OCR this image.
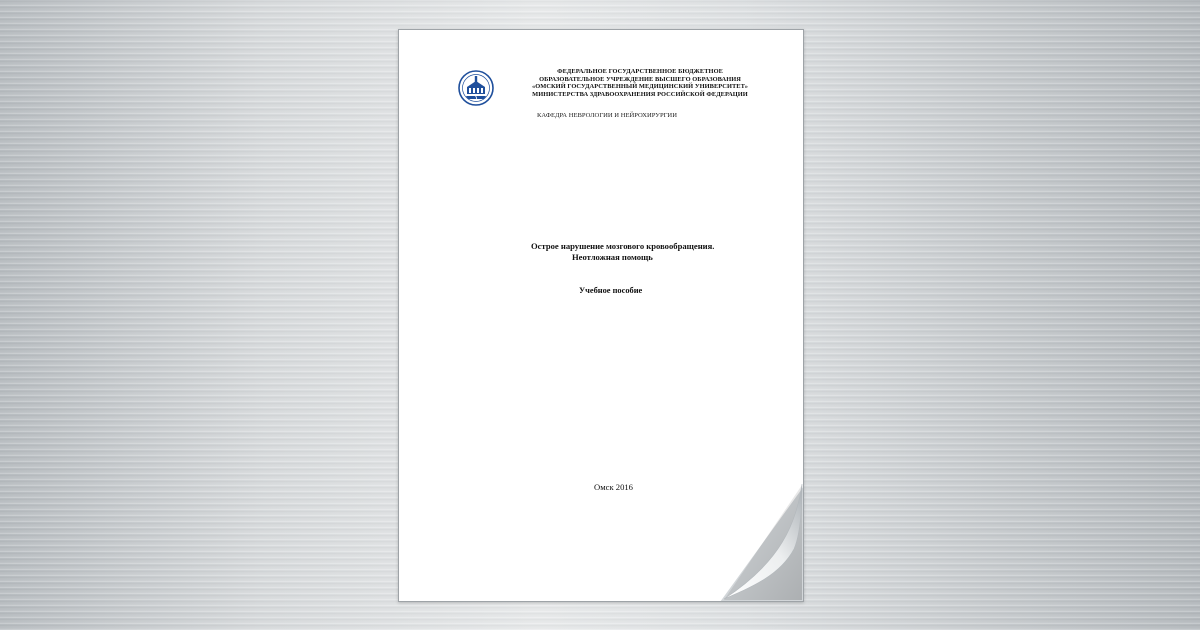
ФЕДЕРАЛЬНОЕ ГОСУДАРСТВЕННОЕ БЮДЖЕТНОЕ
ОБРАЗОВАТЕЛЬНОЕ УЧРЕЖДЕНИЕ ВЫСШЕГО ОБРАЗОВАНИЯ
«ОМСКИЙ ГОСУДАРСТВЕННЫЙ МЕДИЦИНСКИЙ УНИВЕРСИТЕТ»
МИНИСТЕРСТВА ЗДРАВООХРАНЕНИЯ РОССИЙСКОЙ ФЕДЕРАЦИИ
КАФЕДРА НЕВРОЛОГИИ И НЕЙРОХИРУРГИИ
Острое нарушение мозгового кровообращения.
Неотложная помощь
Учебное пособие
Омск 2016
